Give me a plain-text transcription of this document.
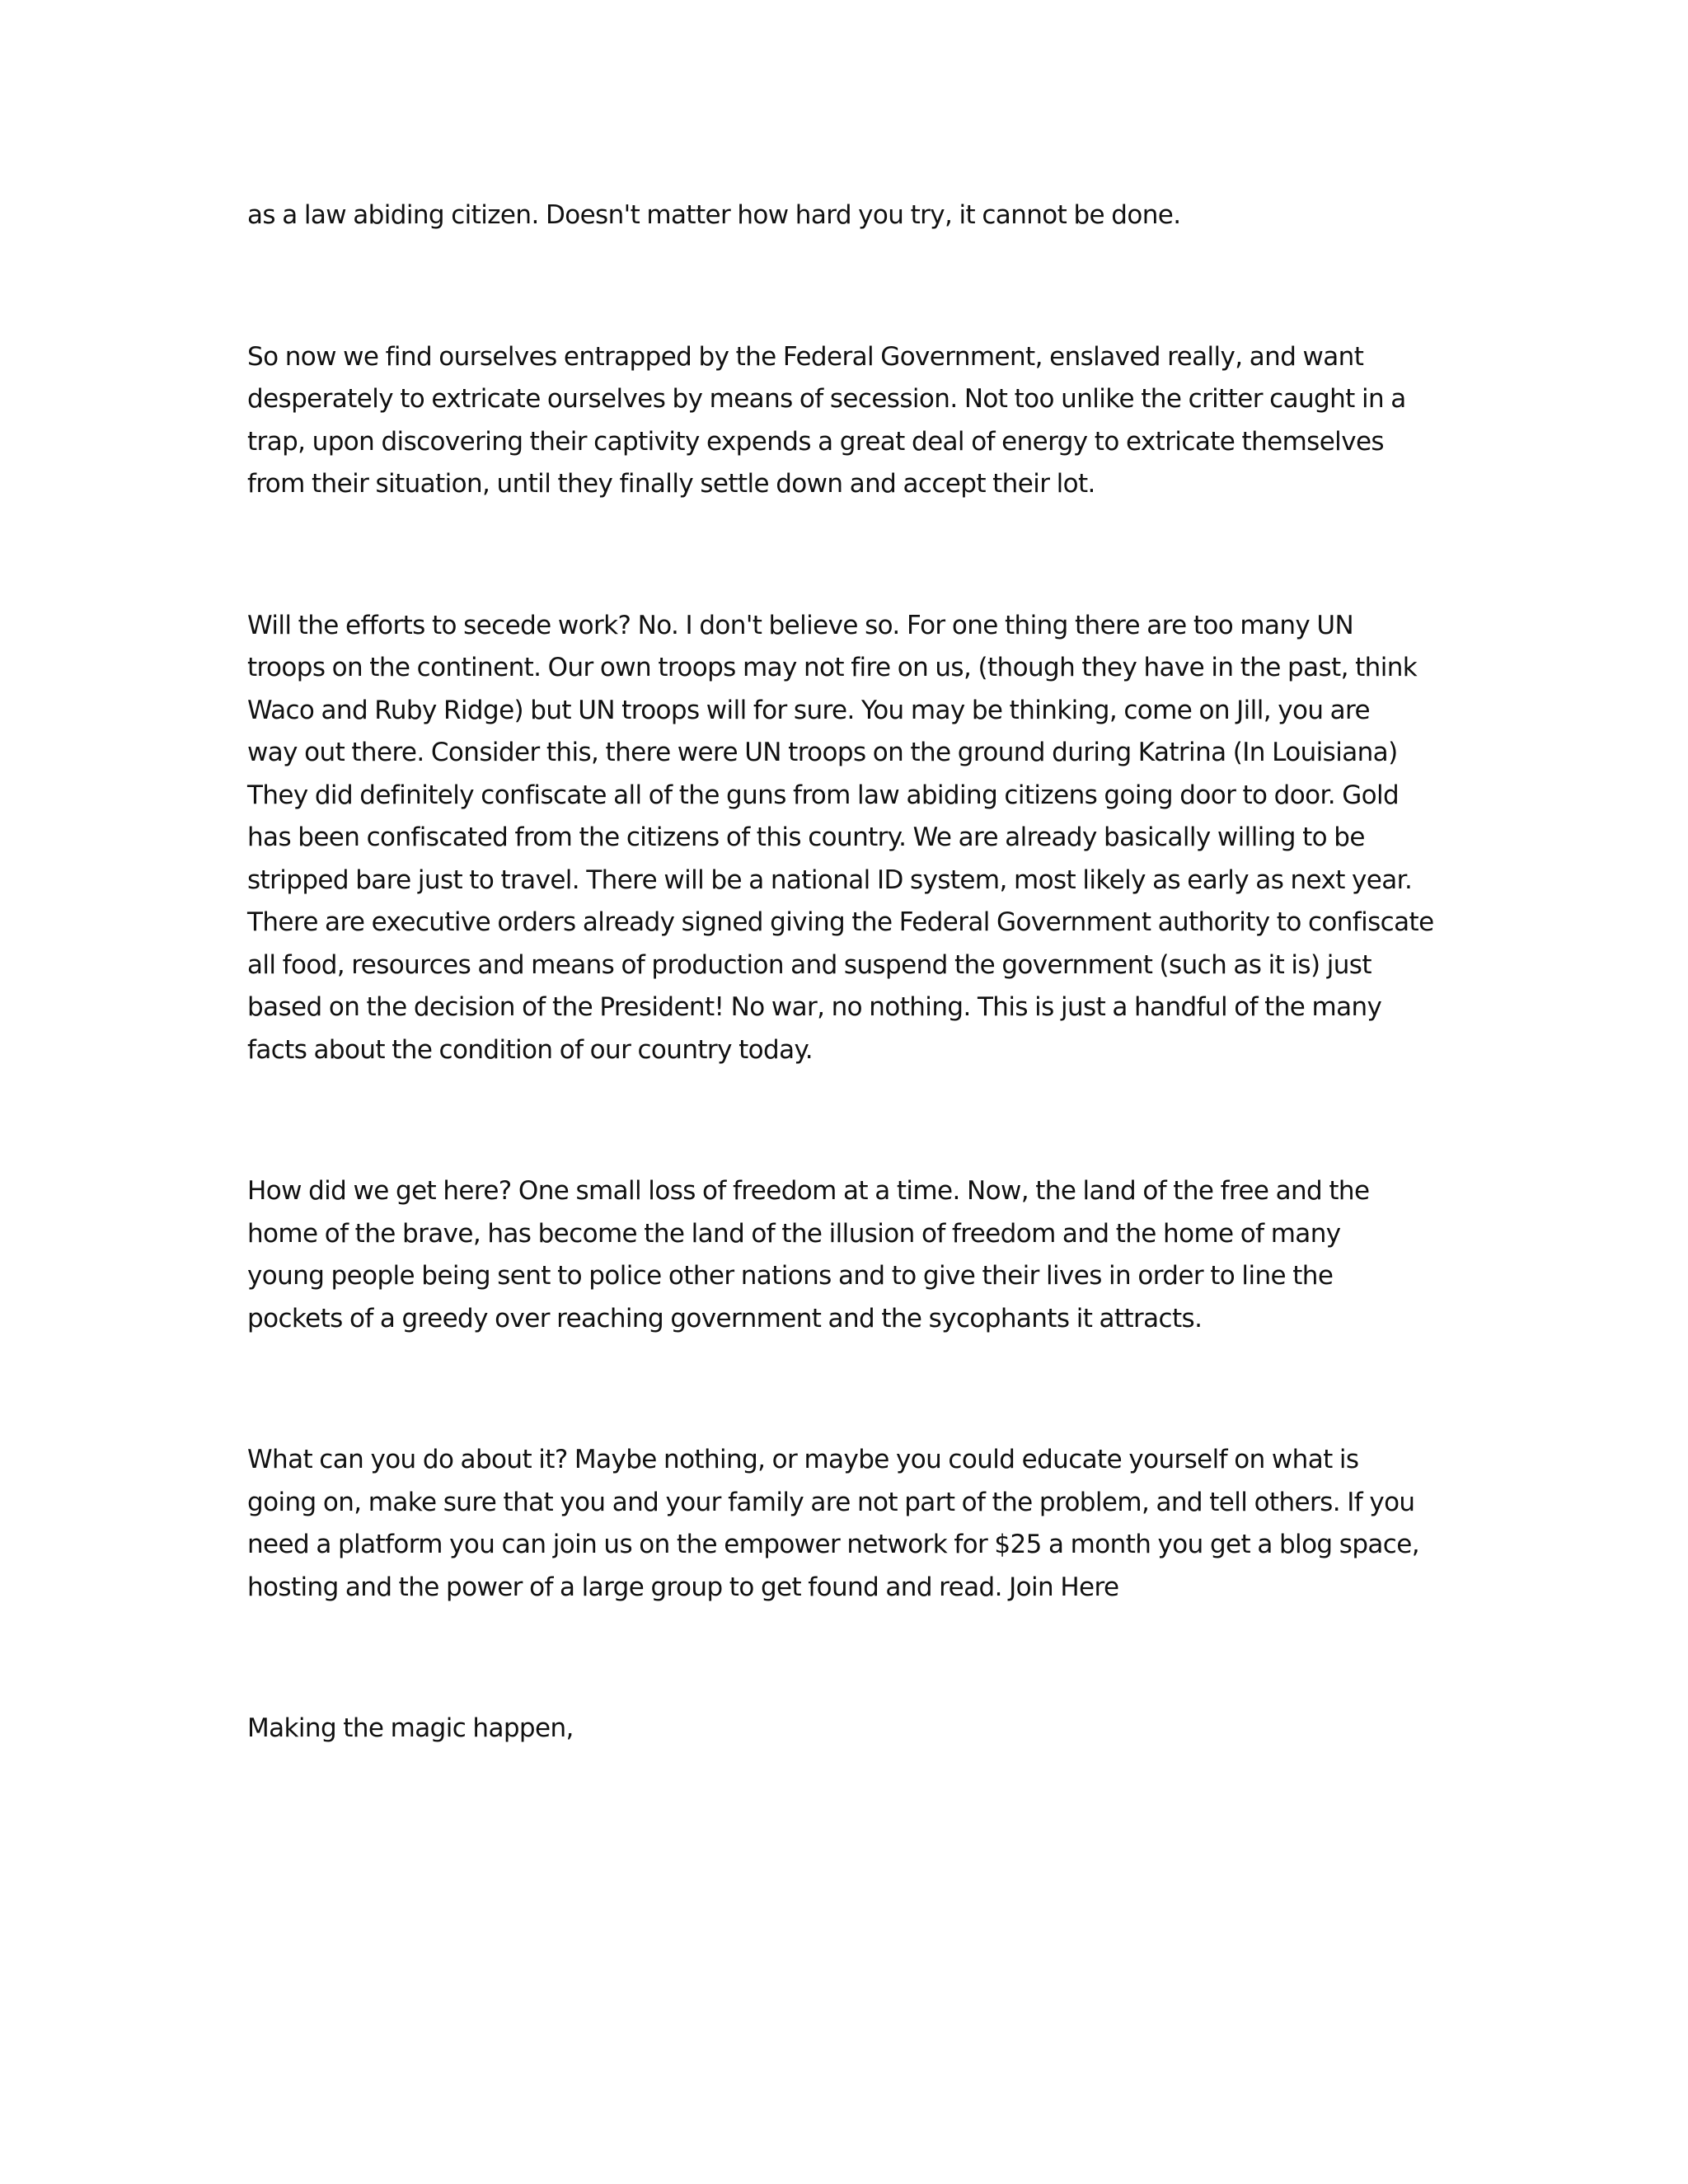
as a law abiding citizen. Doesn't matter how hard you try, it cannot be done.

So now we find ourselves entrapped by the Federal Government, enslaved really, and want
desperately to extricate ourselves by means of secession. Not too unlike the critter caught in a
trap, upon discovering their captivity expends a great deal of energy to extricate themselves
from their situation, until they finally settle down and accept their lot.

Will the efforts to secede work? No. I don't believe so. For one thing there are too many UN
troops on the continent. Our own troops may not fire on us, (though they have in the past, think
Waco and Ruby Ridge) but UN troops will for sure. You may be thinking, come on Jill, you are
way out there. Consider this, there were UN troops on the ground during Katrina (In Louisiana)
They did definitely confiscate all of the guns from law abiding citizens going door to door. Gold
has been confiscated from the citizens of this country. We are already basically willing to be
stripped bare just to travel. There will be a national ID system, most likely as early as next year.
There are executive orders already signed giving the Federal Government authority to confiscate
all food, resources and means of production and suspend the government (such as it is) just
based on the decision of the President! No war, no nothing. This is just a handful of the many
facts about the condition of our country today.

How did we get here? One small loss of freedom at a time. Now, the land of the free and the
home of the brave, has become the land of the illusion of freedom and the home of many
young people being sent to police other nations and to give their lives in order to line the
pockets of a greedy over reaching government and the sycophants it attracts.

What can you do about it? Maybe nothing, or maybe you could educate yourself on what is
going on, make sure that you and your family are not part of the problem, and tell others. If you
need a platform you can join us on the empower network for $25 a month you get a blog space,
hosting and the power of a large group to get found and read. Join Here

Making the magic happen,
